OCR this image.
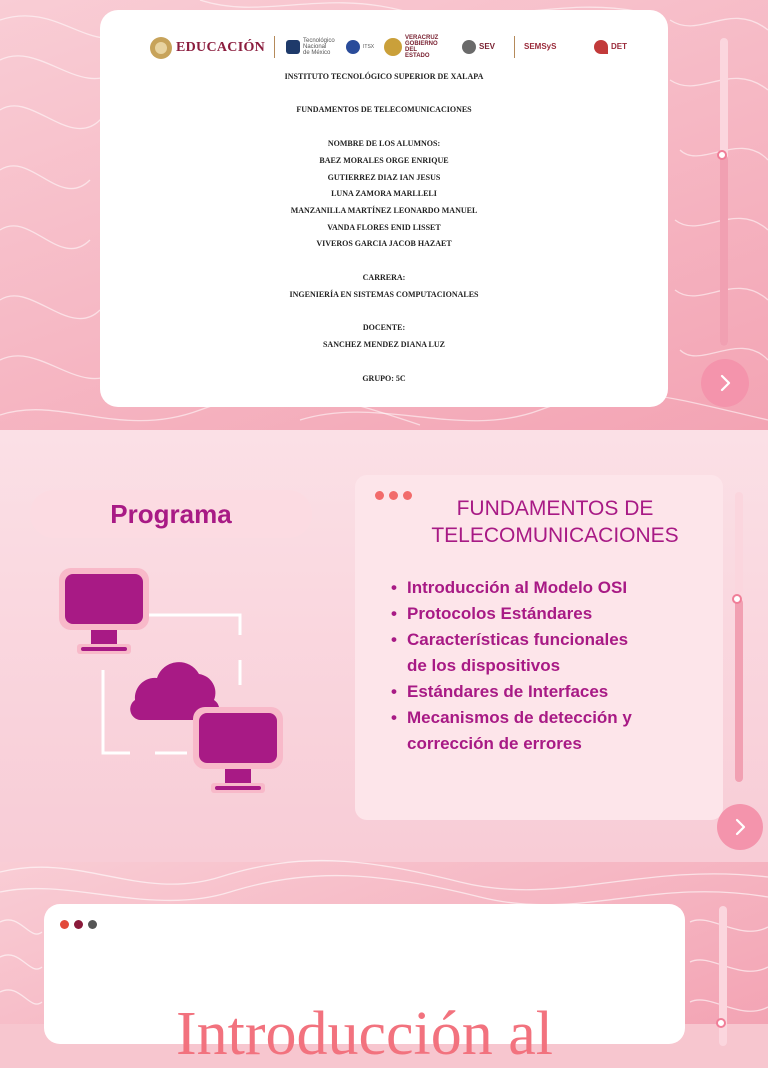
EDUCACIÓN	Tecnológico Nacional de México
ITSX
VERACRUZ GOBIERNO DEL ESTADO
SEV	SEMSyS	DET
INSTITUTO TECNOLÓGICO SUPERIOR DE XALAPA
FUNDAMENTOS DE TELECOMUNICACIONES
NOMBRE DE LOS ALUMNOS:
BAEZ MORALES ORGE ENRIQUE
GUTIERREZ DIAZ IAN JESUS
LUNA ZAMORA MARLLELI
MANZANILLA MARTÍNEZ LEONARDO MANUEL
VANDA FLORES ENID LISSET
VIVEROS GARCIA JACOB HAZAET
CARRERA:
INGENIERÍA EN SISTEMAS COMPUTACIONALES
DOCENTE:
SANCHEZ MENDEZ DIANA LUZ
GRUPO: 5C
Programa	FUNDAMENTOS DE
TELECOMUNICACIONES
• Introducción al Modelo OSI
• Protocolos Estándares
• Características funcionales
de los dispositivos
• Estándares de Interfaces
• Mecanismos de detección y
corrección de errores
Introducción al
